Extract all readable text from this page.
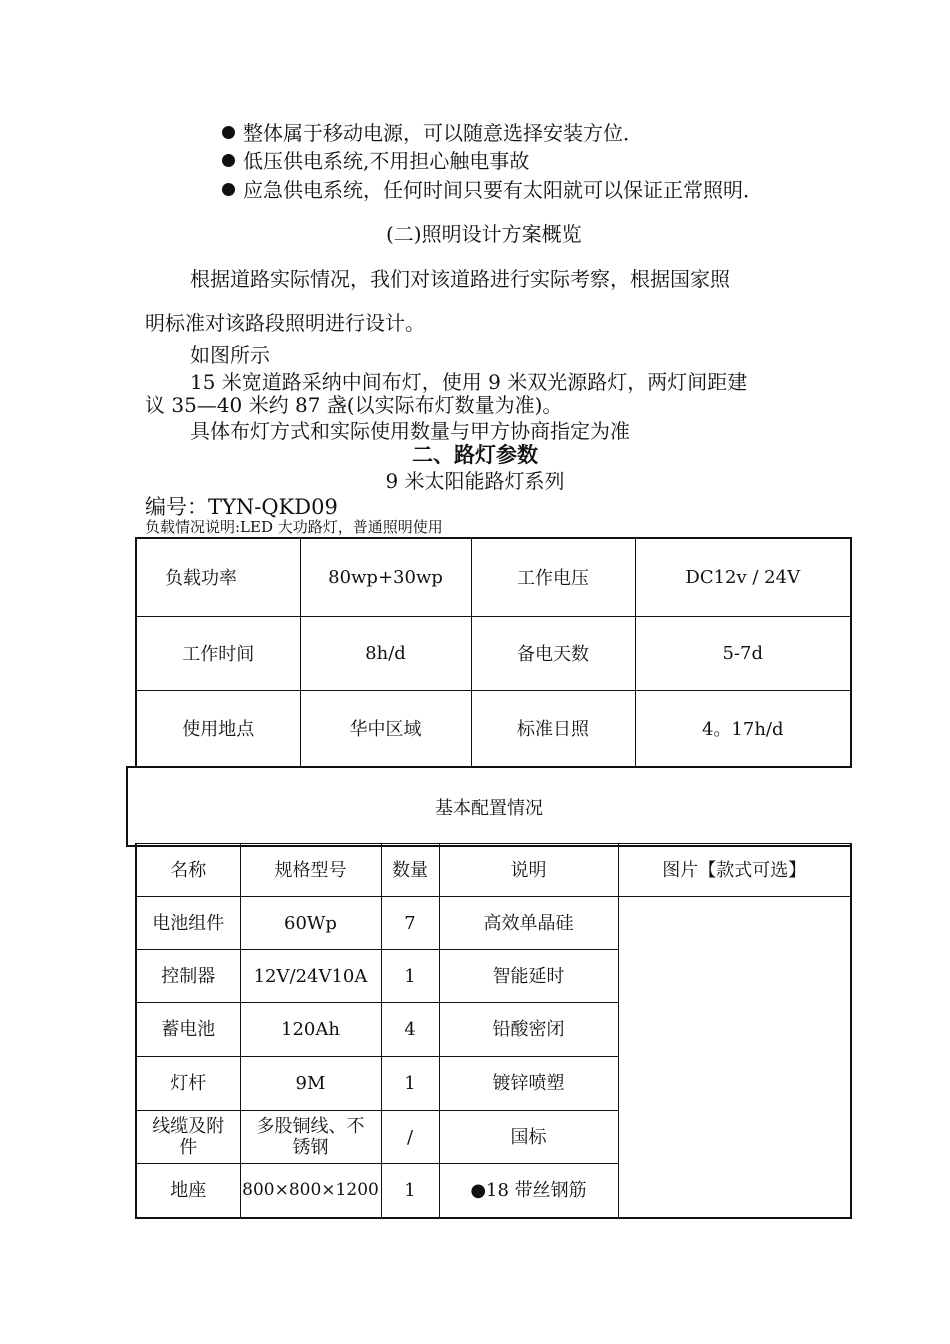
整体属于移动电源，可以随意选择安装方位．
低压供电系统,不用担心触电事故
应急供电系统，任何时间只要有太阳就可以保证正常照明．
(二)照明设计方案概览
根据道路实际情况，我们对该道路进行实际考察，根据国家照
明标准对该路段照明进行设计。
如图所示
15 米宽道路采纳中间布灯，使用 9 米双光源路灯，两灯间距建
议 35—40 米约 87 盏(以实际布灯数量为准)。
具体布灯方式和实际使用数量与甲方协商指定为准
二、路灯参数
9 米太阳能路灯系列
编号：TYN-QKD09
负载情况说明:LED 大功路灯，普通照明使用
负载功率	80wp+30wp	工作电压	DC12v / 24V
工作时间	8h/d	备电天数	5-7d
使用地点	华中区域	标准日照	4。17h/d
基本配置情况
名称	规格型号	数量	说明	图片【款式可选】
电池组件	60Wp	7	高效单晶硅	
控制器	12V/24V10A	1	智能延时	
蓄电池	120Ah	4	铅酸密闭	
灯杆	9M	1	镀锌喷塑	
线缆及附件	多股铜线、不锈钢	/	国标	
地座	800×800×1200	1	●18 带丝钢筋	
